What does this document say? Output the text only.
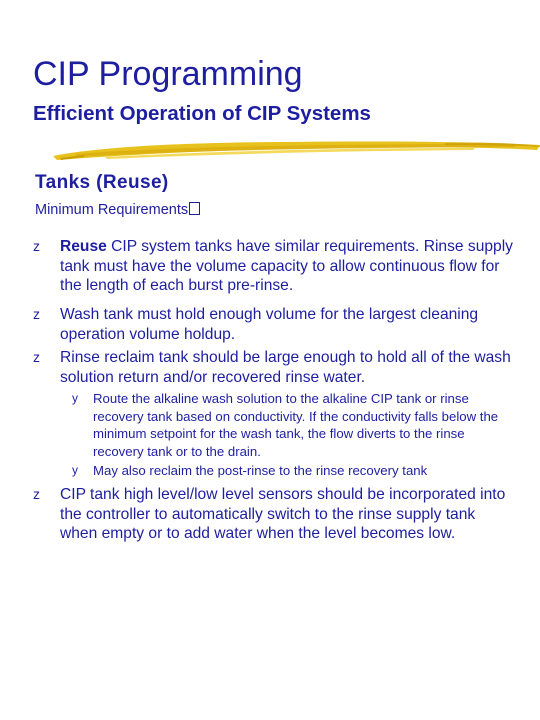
CIP Programming
Efficient Operation of CIP Systems
Tanks (Reuse)
Minimum Requirements
z Reuse CIP system tanks have similar requirements. Rinse supply tank must have the volume capacity to allow continuous flow for the length of each burst pre-rinse.
z Wash tank must hold enough volume for the largest cleaning operation volume holdup.
z Rinse reclaim tank should be large enough to hold all of the wash solution return and/or recovered rinse water.
y Route the alkaline wash solution to the alkaline CIP tank or rinse recovery tank based on conductivity. If the conductivity falls below the minimum setpoint for the wash tank, the flow diverts to the rinse recovery tank or to the drain.
y May also reclaim the post-rinse to the rinse recovery tank
z CIP tank high level/low level sensors should be incorporated into the controller to automatically switch to the rinse supply tank when empty or to add water when the level becomes low.
